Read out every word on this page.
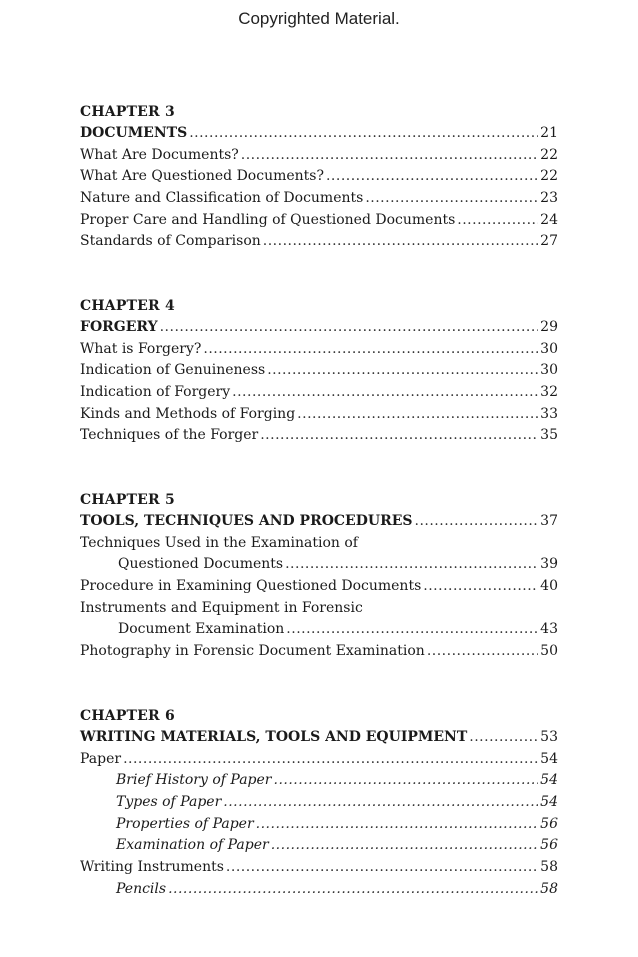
Copyrighted Material.
CHAPTER 3
DOCUMENTS .....	21
What Are Documents? .....	22
What Are Questioned Documents? .....	22
Nature and Classification of Documents .....	23
Proper Care and Handling of Questioned Documents .....	24
Standards of Comparison .....	27
CHAPTER 4
FORGERY .....	29
What is Forgery? .....	30
Indication of Genuineness .....	30
Indication of Forgery .....	32
Kinds and Methods of Forging .....	33
Techniques of the Forger .....	35
CHAPTER 5
TOOLS, TECHNIQUES AND PROCEDURES .....	37
Techniques Used in the Examination of
Questioned Documents .....	39
Procedure in Examining Questioned Documents .....	40
Instruments and Equipment in Forensic
Document Examination .....	43
Photography in Forensic Document Examination .....	50
CHAPTER 6
WRITING MATERIALS, TOOLS AND EQUIPMENT .....	53
Paper .....	54
Brief History of Paper .....	54
Types of Paper .....	54
Properties of Paper .....	56
Examination of Paper .....	56
Writing Instruments .....	58
Pencils .....	58
